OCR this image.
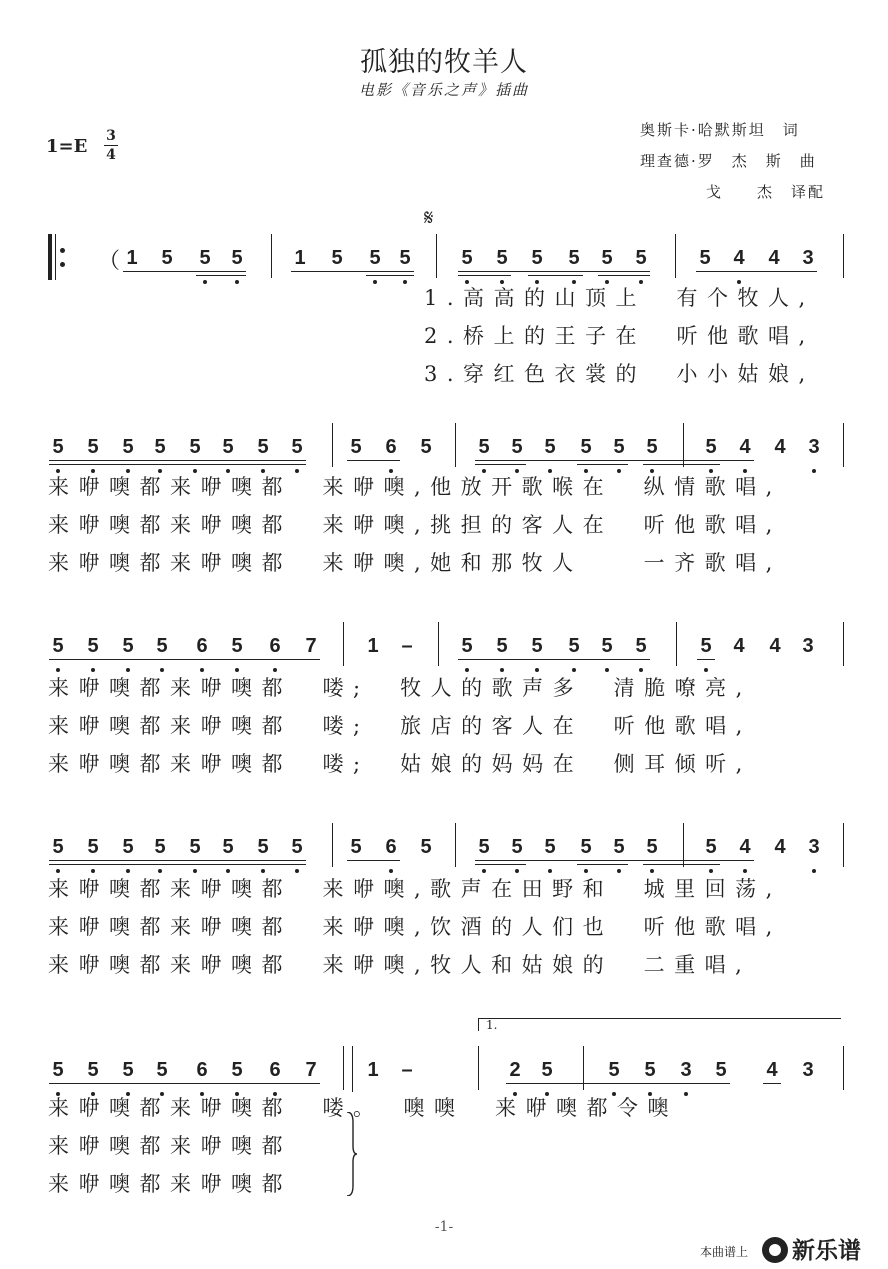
孤独的牧羊人
电影《音乐之声》插曲
1=E 3
4
奥斯卡·哈默斯坦　词
理查德·罗　杰　斯　曲
戈　　杰　译配
𝄋
（ 1 5 5 5	1 5 5 5	5 5 5 5 5 5	5 4 4 3
1.高高的山顶上　有个牧人,
2.桥上的王子在　听他歌唱,
3.穿红色衣裳的　小小姑娘,
5 5 5 5 5 5 5 5 5 6 5 5 5 5 5 5 5 5 4 4 3
来咿噢都来咿噢都　来咿噢,他放开歌喉在　纵情歌唱,
来咿噢都来咿噢都　来咿噢,挑担的客人在　听他歌唱,
来咿噢都来咿噢都　来咿噢,她和那牧人　　一齐歌唱,
5 5 5 5 6 5 6 7	1 – 5 5 5 5 5 5	5 4 4 3
来咿噢都来咿噢都　喽;　牧人的歌声多　清脆嘹亮,
来咿噢都来咿噢都　喽;　旅店的客人在　听他歌唱,
来咿噢都来咿噢都　喽;　姑娘的妈妈在　侧耳倾听,
5 5 5 5 5 5 5 5 5 6 5 5 5 5 5 5 5 5 4 4 3
来咿噢都来咿噢都　来咿噢,歌声在田野和　城里回荡,
来咿噢都来咿噢都　来咿噢,饮酒的人们也　听他歌唱,
来咿噢都来咿噢都　来咿噢,牧人和姑娘的　二重唱,
5 5 5 5 6 5 6 7	1 –	2 5	5 5 3 5 4 3
来咿噢都来咿噢都　喽。　噢噢　来咿噢都令噢
来咿噢都来咿噢都
来咿噢都来咿噢都
1.
-1-
本曲谱上 新乐谱
